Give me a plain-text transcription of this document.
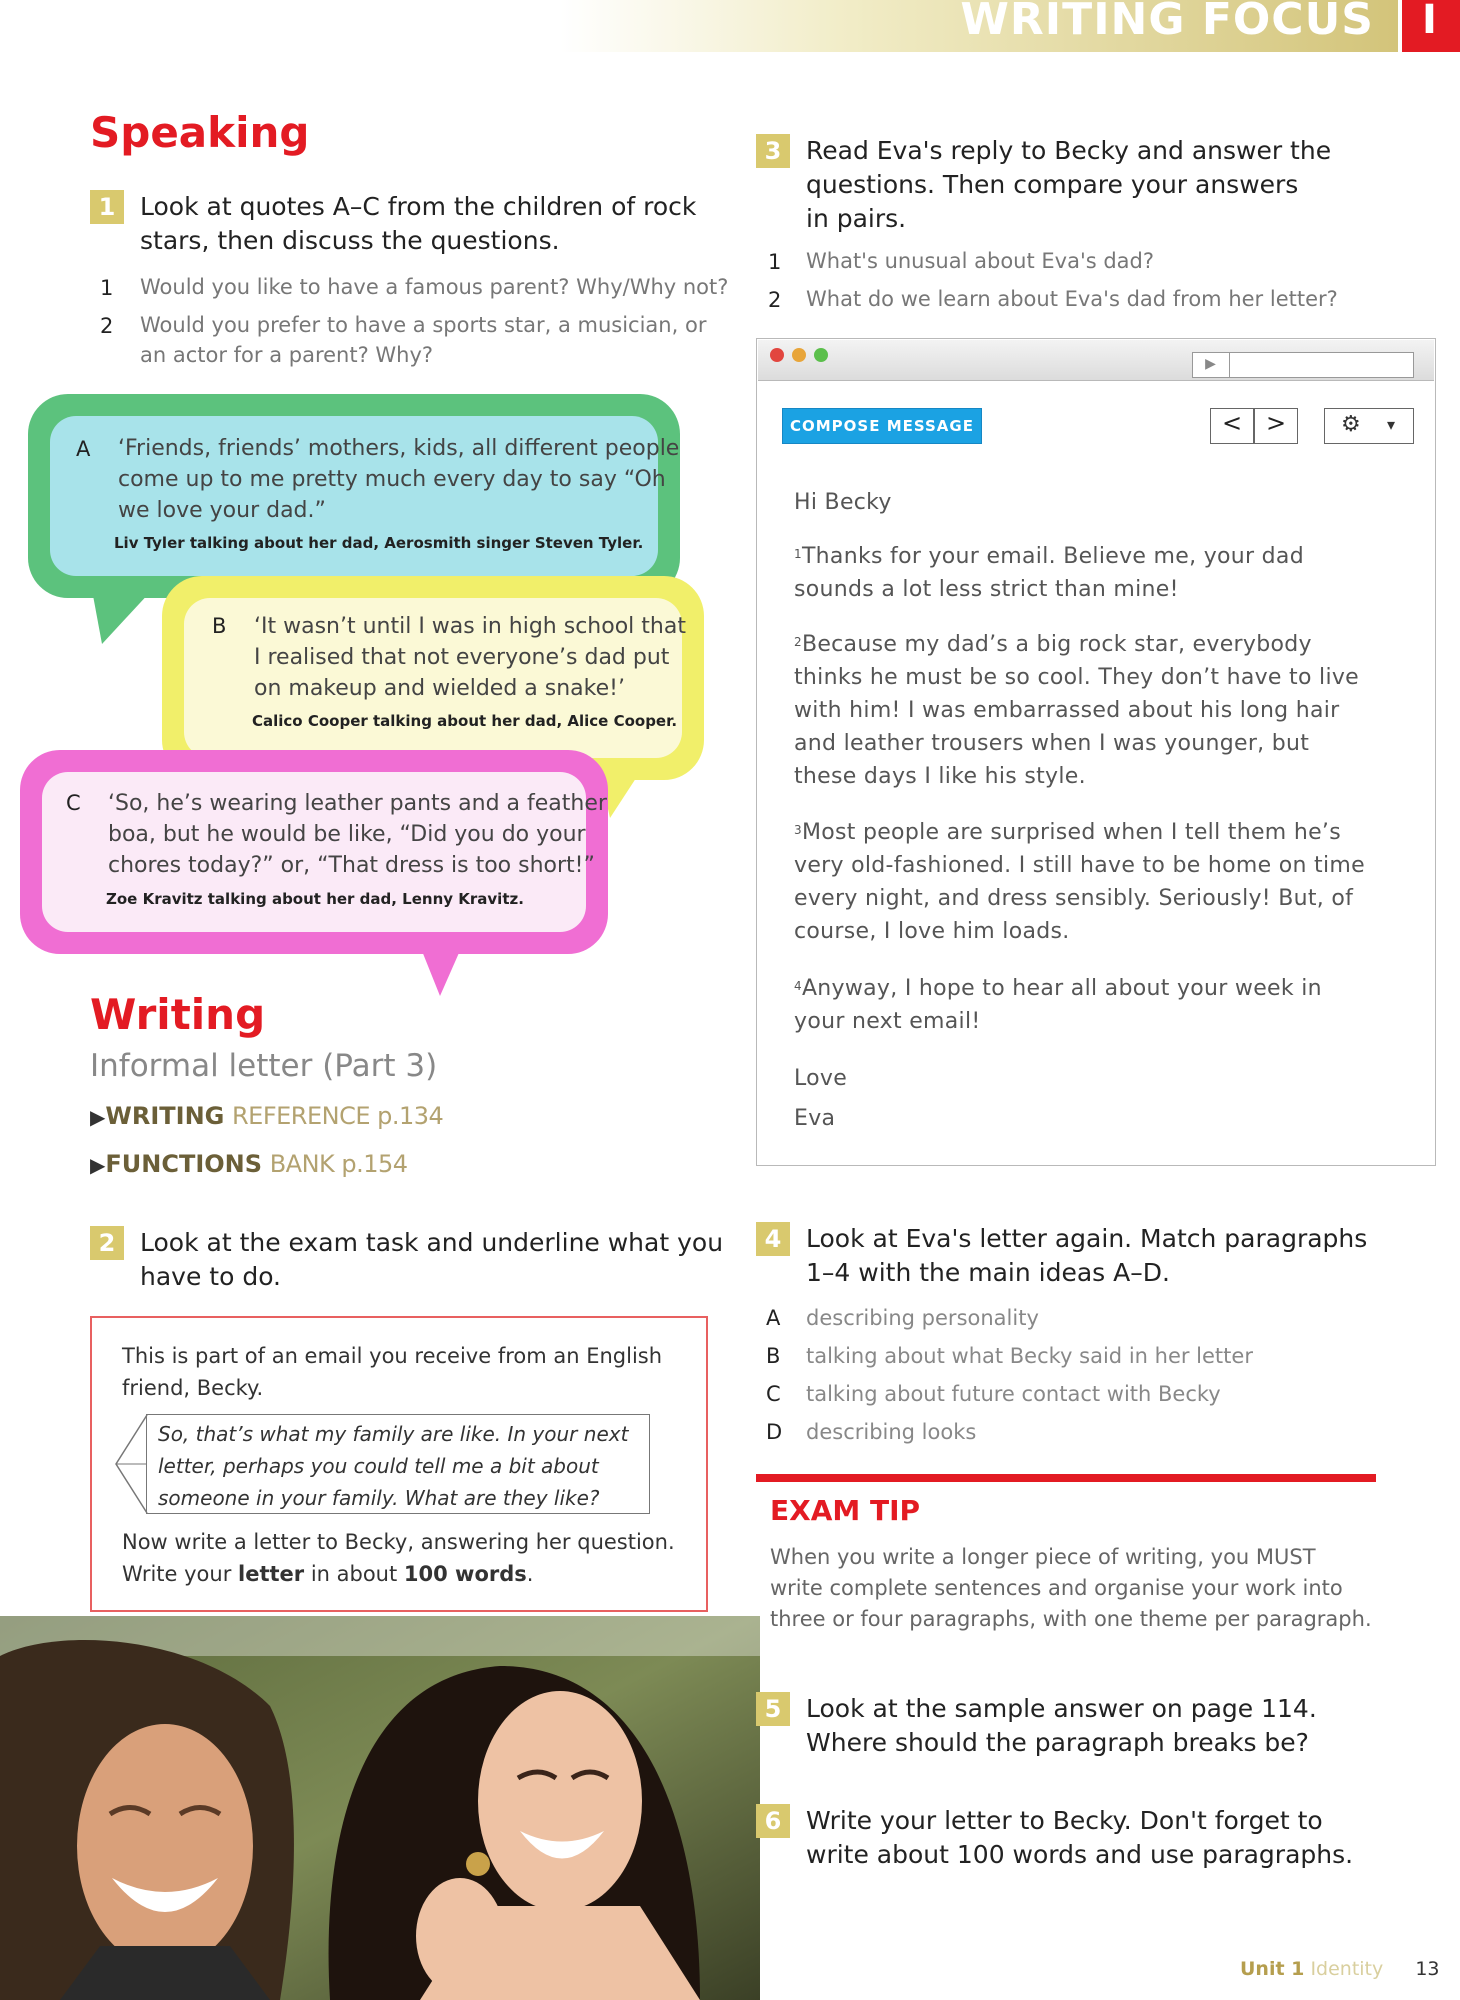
WRITING FOCUS	I
Speaking
1 Look at quotes A–C from the children of rock
stars, then discuss the questions.
1 Would you like to have a famous parent? Why/Why not?
2 Would you prefer to have a sports star, a musician, or
an actor for a parent? Why?
A ‘Friends, friends’ mothers, kids, all different people
come up to me pretty much every day to say “Oh
we love your dad.”
Liv Tyler talking about her dad, Aerosmith singer Steven Tyler.
B ‘It wasn’t until I was in high school that
I realised that not everyone’s dad put
on makeup and wielded a snake!’
Calico Cooper talking about her dad, Alice Cooper.
C ‘So, he’s wearing leather pants and a feather
boa, but he would be like, “Did you do your
chores today?” or, “That dress is too short!”
Zoe Kravitz talking about her dad, Lenny Kravitz.
Writing
Informal letter (Part 3)
▶WRITING REFERENCE p.134
▶FUNCTIONS BANK p.154
2 Look at the exam task and underline what you
have to do.
This is part of an email you receive from an English
friend, Becky.
So, that’s what my family are like. In your next
letter, perhaps you could tell me a bit about
someone in your family. What are they like?
Now write a letter to Becky, answering her question.
Write your letter in about 100 words.
3 Read Eva's reply to Becky and answer the
questions. Then compare your answers
in pairs.
1 What's unusual about Eva's dad?
2 What do we learn about Eva's dad from her letter?
▶
COMPOSE MESSAGE	< >	⚙ ▾
Hi Becky
$^1$Thanks for your email. Believe me, your dad
sounds a lot less strict than mine!
$^2$Because my dad’s a big rock star, everybody
thinks he must be so cool. They don’t have to live
with him! I was embarrassed about his long hair
and leather trousers when I was younger, but
these days I like his style.
$^3$Most people are surprised when I tell them he’s
very old-fashioned. I still have to be home on time
every night, and dress sensibly. Seriously! But, of
course, I love him loads.
$^4$Anyway, I hope to hear all about your week in
your next email!
Love
Eva
4 Look at Eva's letter again. Match paragraphs
1–4 with the main ideas A–D.
A describing personality
B talking about what Becky said in her letter
C talking about future contact with Becky
D describing looks
EXAM TIP
When you write a longer piece of writing, you MUST
write complete sentences and organise your work into
three or four paragraphs, with one theme per paragraph.
5 Look at the sample answer on page 114.
Where should the paragraph breaks be?
6 Write your letter to Becky. Don't forget to
write about 100 words and use paragraphs.
Unit 1 Identity 13
